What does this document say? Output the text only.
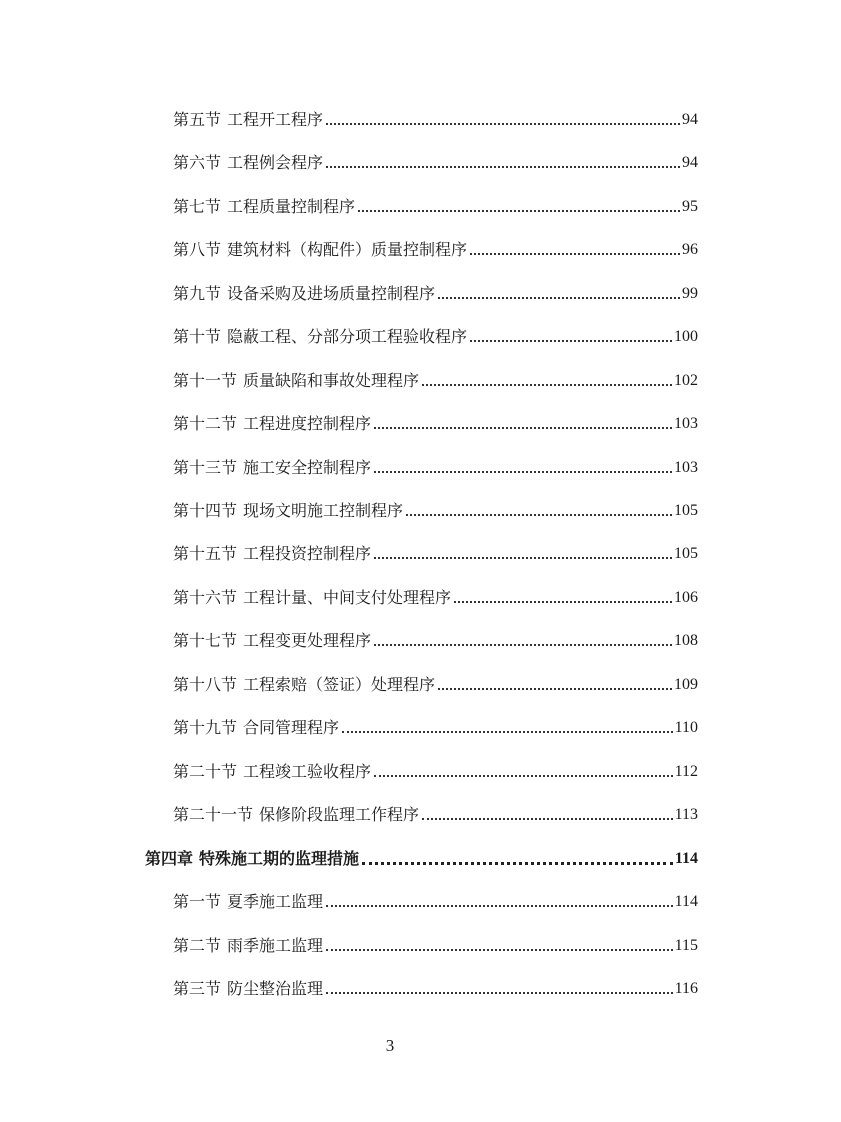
第五节 工程开工程序	94
第六节 工程例会程序	94
第七节 工程质量控制程序	95
第八节 建筑材料（构配件）质量控制程序	96
第九节 设备采购及进场质量控制程序	99
第十节 隐蔽工程、分部分项工程验收程序	100
第十一节 质量缺陷和事故处理程序	102
第十二节 工程进度控制程序	103
第十三节 施工安全控制程序	103
第十四节 现场文明施工控制程序	105
第十五节 工程投资控制程序	105
第十六节 工程计量、中间支付处理程序	106
第十七节 工程变更处理程序	108
第十八节 工程索赔（签证）处理程序	109
第十九节 合同管理程序	110
第二十节 工程竣工验收程序	112
第二十一节 保修阶段监理工作程序	113
第四章 特殊施工期的监理措施	114
第一节 夏季施工监理	114
第二节 雨季施工监理	115
第三节 防尘整治监理	116
3
